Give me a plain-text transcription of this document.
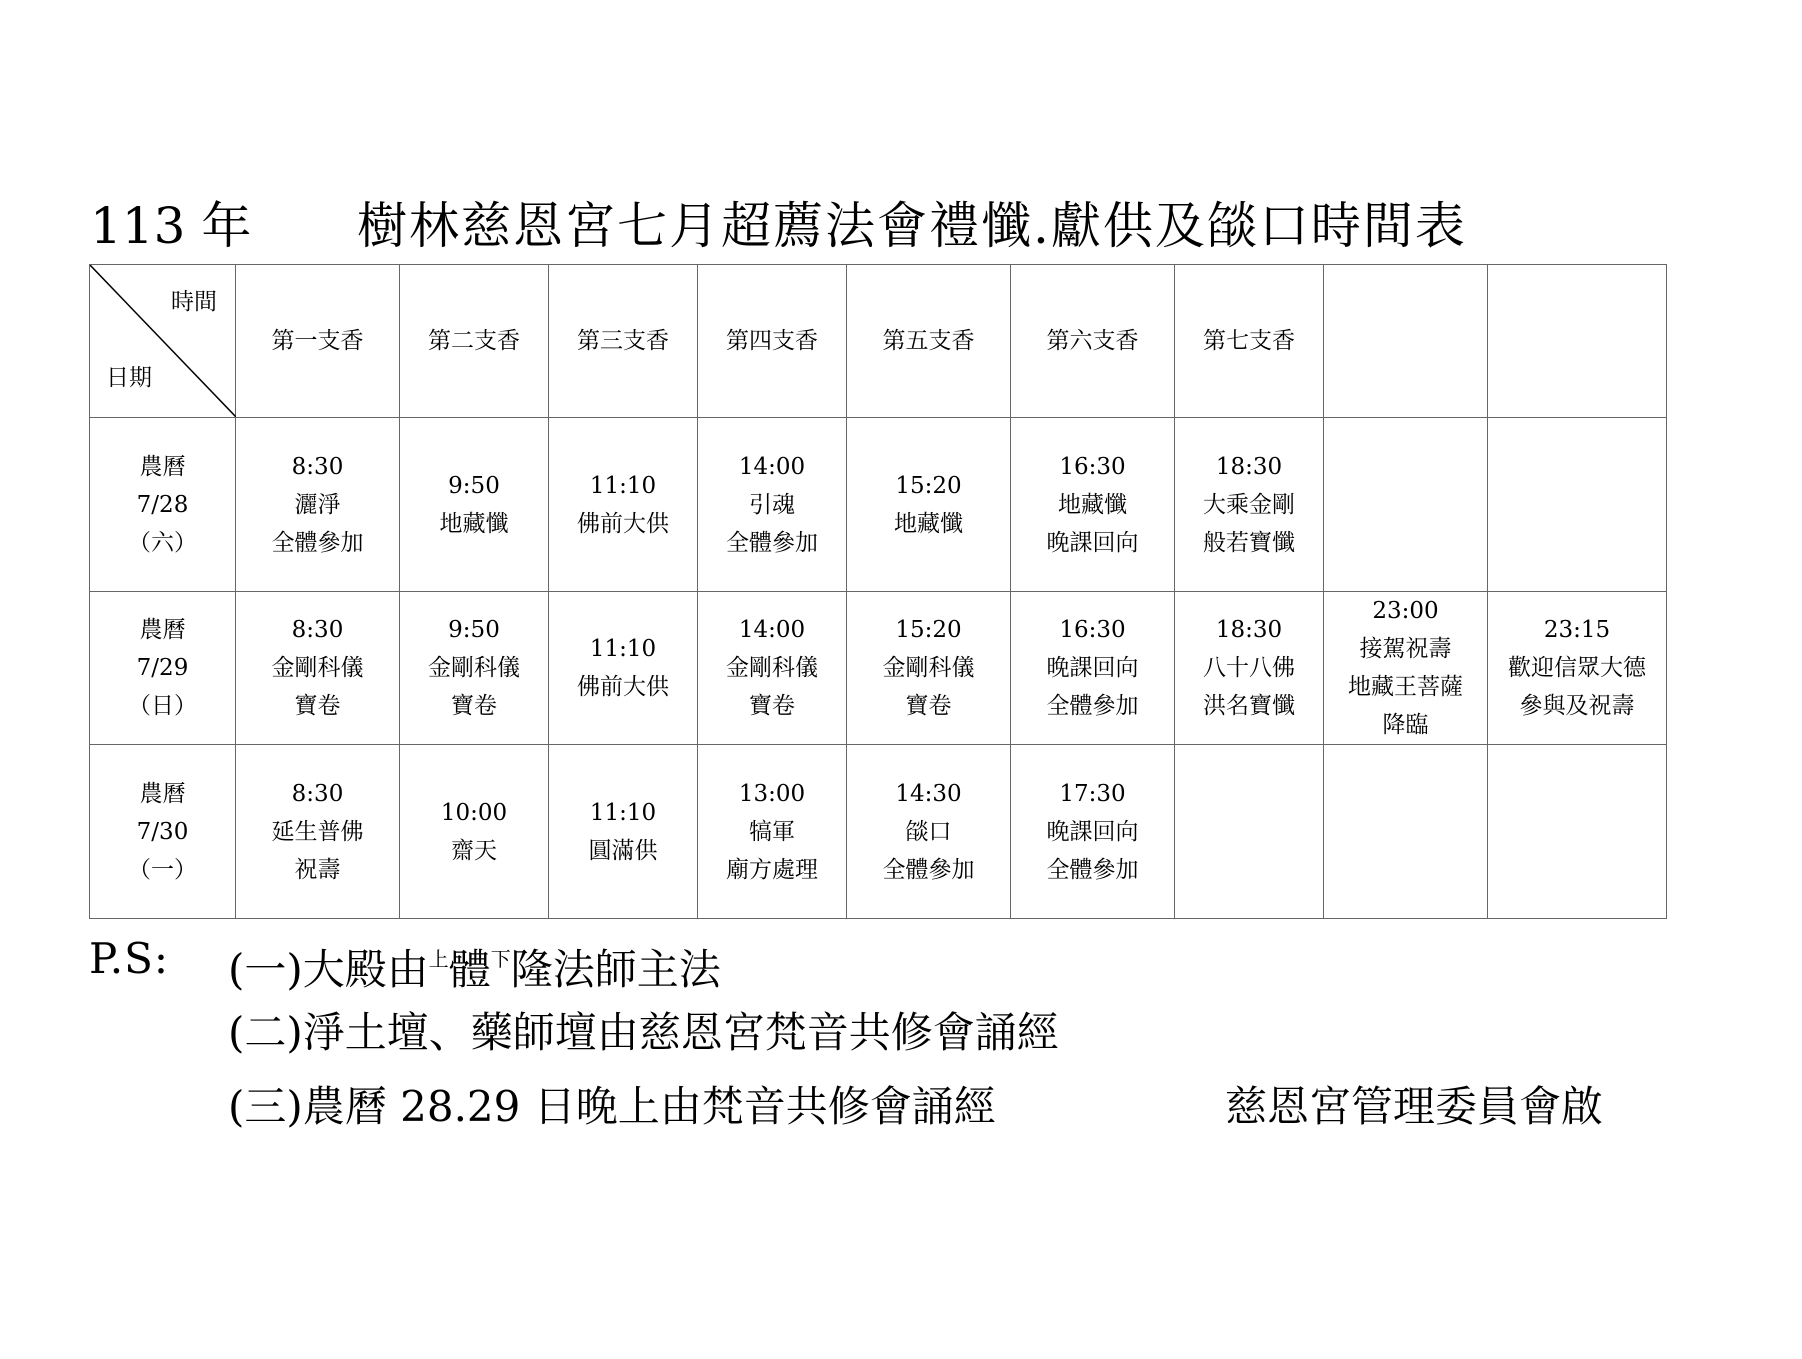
113 年 樹林慈恩宮七月超薦法會禮懺.獻供及燄口時間表
時間
日期	第一支香	第二支香	第三支香	第四支香	第五支香	第六支香	第七支香		

農曆
7/28
（六）	8:30
灑淨
全體參加	9:50
地藏懺	11:10
佛前大供	14:00
引魂
全體參加	15:20
地藏懺	16:30
地藏懺
晚課回向	18:30
大乘金剛
般若寶懺		

農曆
7/29
（日）	8:30
金剛科儀
寶卷	9:50
金剛科儀
寶卷	11:10
佛前大供	14:00
金剛科儀
寶卷	15:20
金剛科儀
寶卷	16:30
晚課回向
全體參加	18:30
八十八佛
洪名寶懺	23:00
接駕祝壽
地藏王菩薩
降臨	23:15
歡迎信眾大德
參與及祝壽

農曆
7/30
（一）	8:30
延生普佛
祝壽	10:00
齋天	11:10
圓滿供	13:00
犒軍
廟方處理	14:30
燄口
全體參加	17:30
晚課回向
全體參加			

P.S: (一)大殿由$^上$體$^下$隆法師主法
(二)淨土壇、藥師壇由慈恩宮梵音共修會誦經
(三)農曆 28.29 日晚上由梵音共修會誦經	慈恩宮管理委員會啟
